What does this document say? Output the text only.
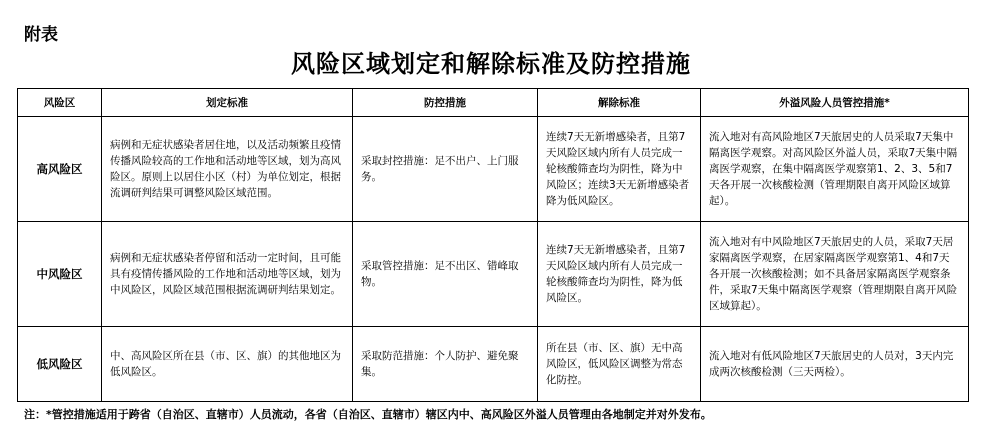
附表
风险区域划定和解除标准及防控措施
风险区	划定标准	防控措施	解除标准	外溢风险人员管控措施*
高风险区	病例和无症状感染者居住地，以及活动频繁且疫情传播风险较高的工作地和活动地等区域，划为高风险区。原则上以居住小区（村）为单位划定，根据流调研判结果可调整风险区域范围。	采取封控措施：足不出户、上门服务。	连续7天无新增感染者，且第7天风险区域内所有人员完成一轮核酸筛查均为阴性，降为中风险区；连续3天无新增感染者降为低风险区。	流入地对有高风险地区7天旅居史的人员采取7天集中隔离医学观察。对高风险区外溢人员，采取7天集中隔离医学观察，在集中隔离医学观察第1、2、3、5和7天各开展一次核酸检测（管理期限自离开风险区域算起）。
中风险区	病例和无症状感染者停留和活动一定时间，且可能具有疫情传播风险的工作地和活动地等区域，划为中风险区，风险区域范围根据流调研判结果划定。	采取管控措施：足不出区、错峰取物。	连续7天无新增感染者，且第7天风险区域内所有人员完成一轮核酸筛查均为阴性，降为低风险区。	流入地对有中风险地区7天旅居史的人员，采取7天居家隔离医学观察，在居家隔离医学观察第1、4和7天各开展一次核酸检测；如不具备居家隔离医学观察条件，采取7天集中隔离医学观察（管理期限自离开风险区域算起）。
低风险区	中、高风险区所在县（市、区、旗）的其他地区为低风险区。	采取防范措施：个人防护、避免聚集。	所在县（市、区、旗）无中高风险区，低风险区调整为常态化防控。	流入地对有低风险地区7天旅居史的人员对，3天内完成两次核酸检测（三天两检）。
注：*管控措施适用于跨省（自治区、直辖市）人员流动，各省（自治区、直辖市）辖区内中、高风险区外溢人员管理由各地制定并对外发布。
